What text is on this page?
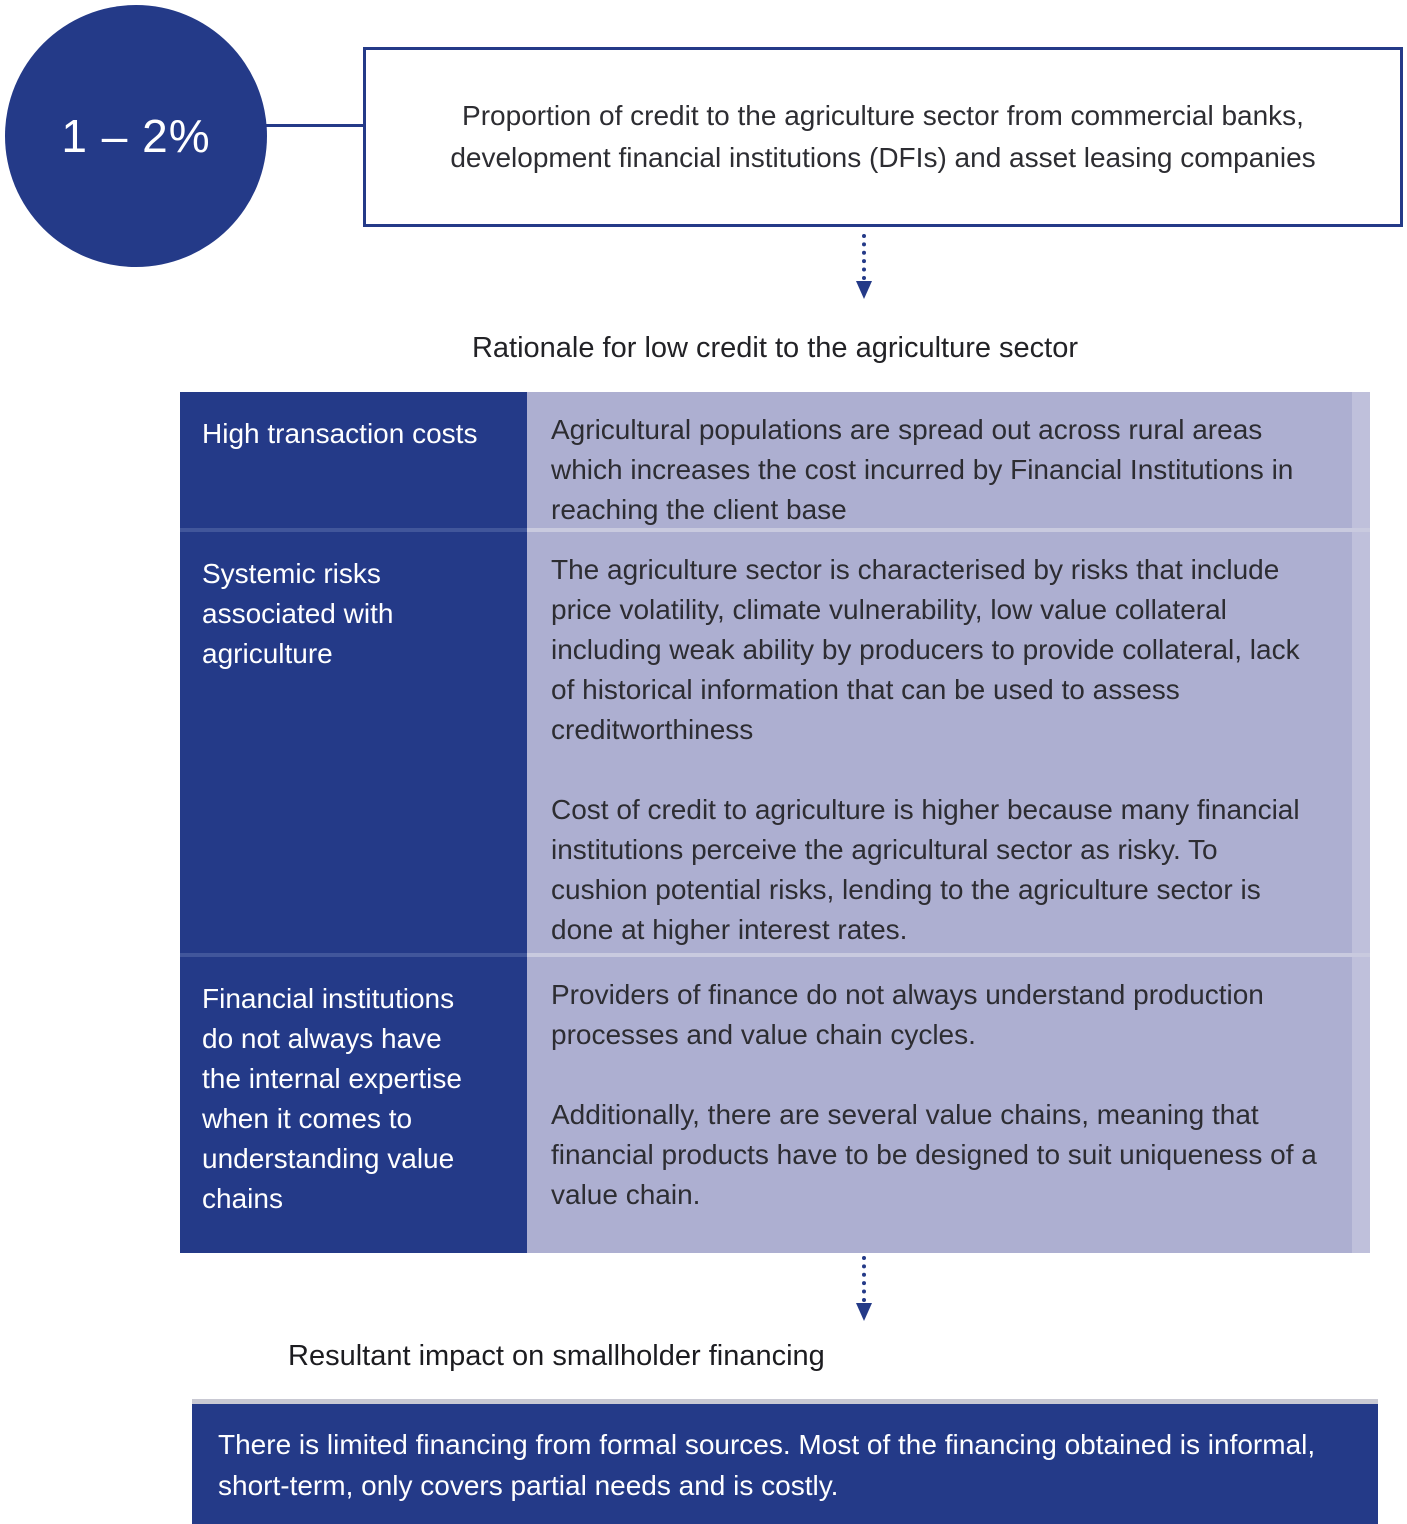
1 – 2%	Proportion of credit to the agriculture sector from commercial banks, development financial institutions (DFIs) and asset leasing companies
Rationale for low credit to the agriculture sector
High transaction costs	Agricultural populations are spread out across rural areas which increases the cost incurred by Financial Institutions in reaching the client base

Systemic risks associated with agriculture

The agriculture sector is characterised by risks that include price volatility, climate vulnerability, low value collateral including weak ability by producers to provide collateral, lack of historical information that can be used to assess creditworthiness

Cost of credit to agriculture is higher because many financial institutions perceive the agricultural sector as risky. To cushion potential risks, lending to the agriculture sector is done at higher interest rates.

Financial institutions do not always have the internal expertise when it comes to understanding value chains

Providers of finance do not always understand production processes and value chain cycles.

Additionally, there are several value chains, meaning that financial products have to be designed to suit uniqueness of a value chain.

Resultant impact on smallholder financing
There is limited financing from formal sources. Most of the financing obtained is informal, short-term, only covers partial needs and is costly.
